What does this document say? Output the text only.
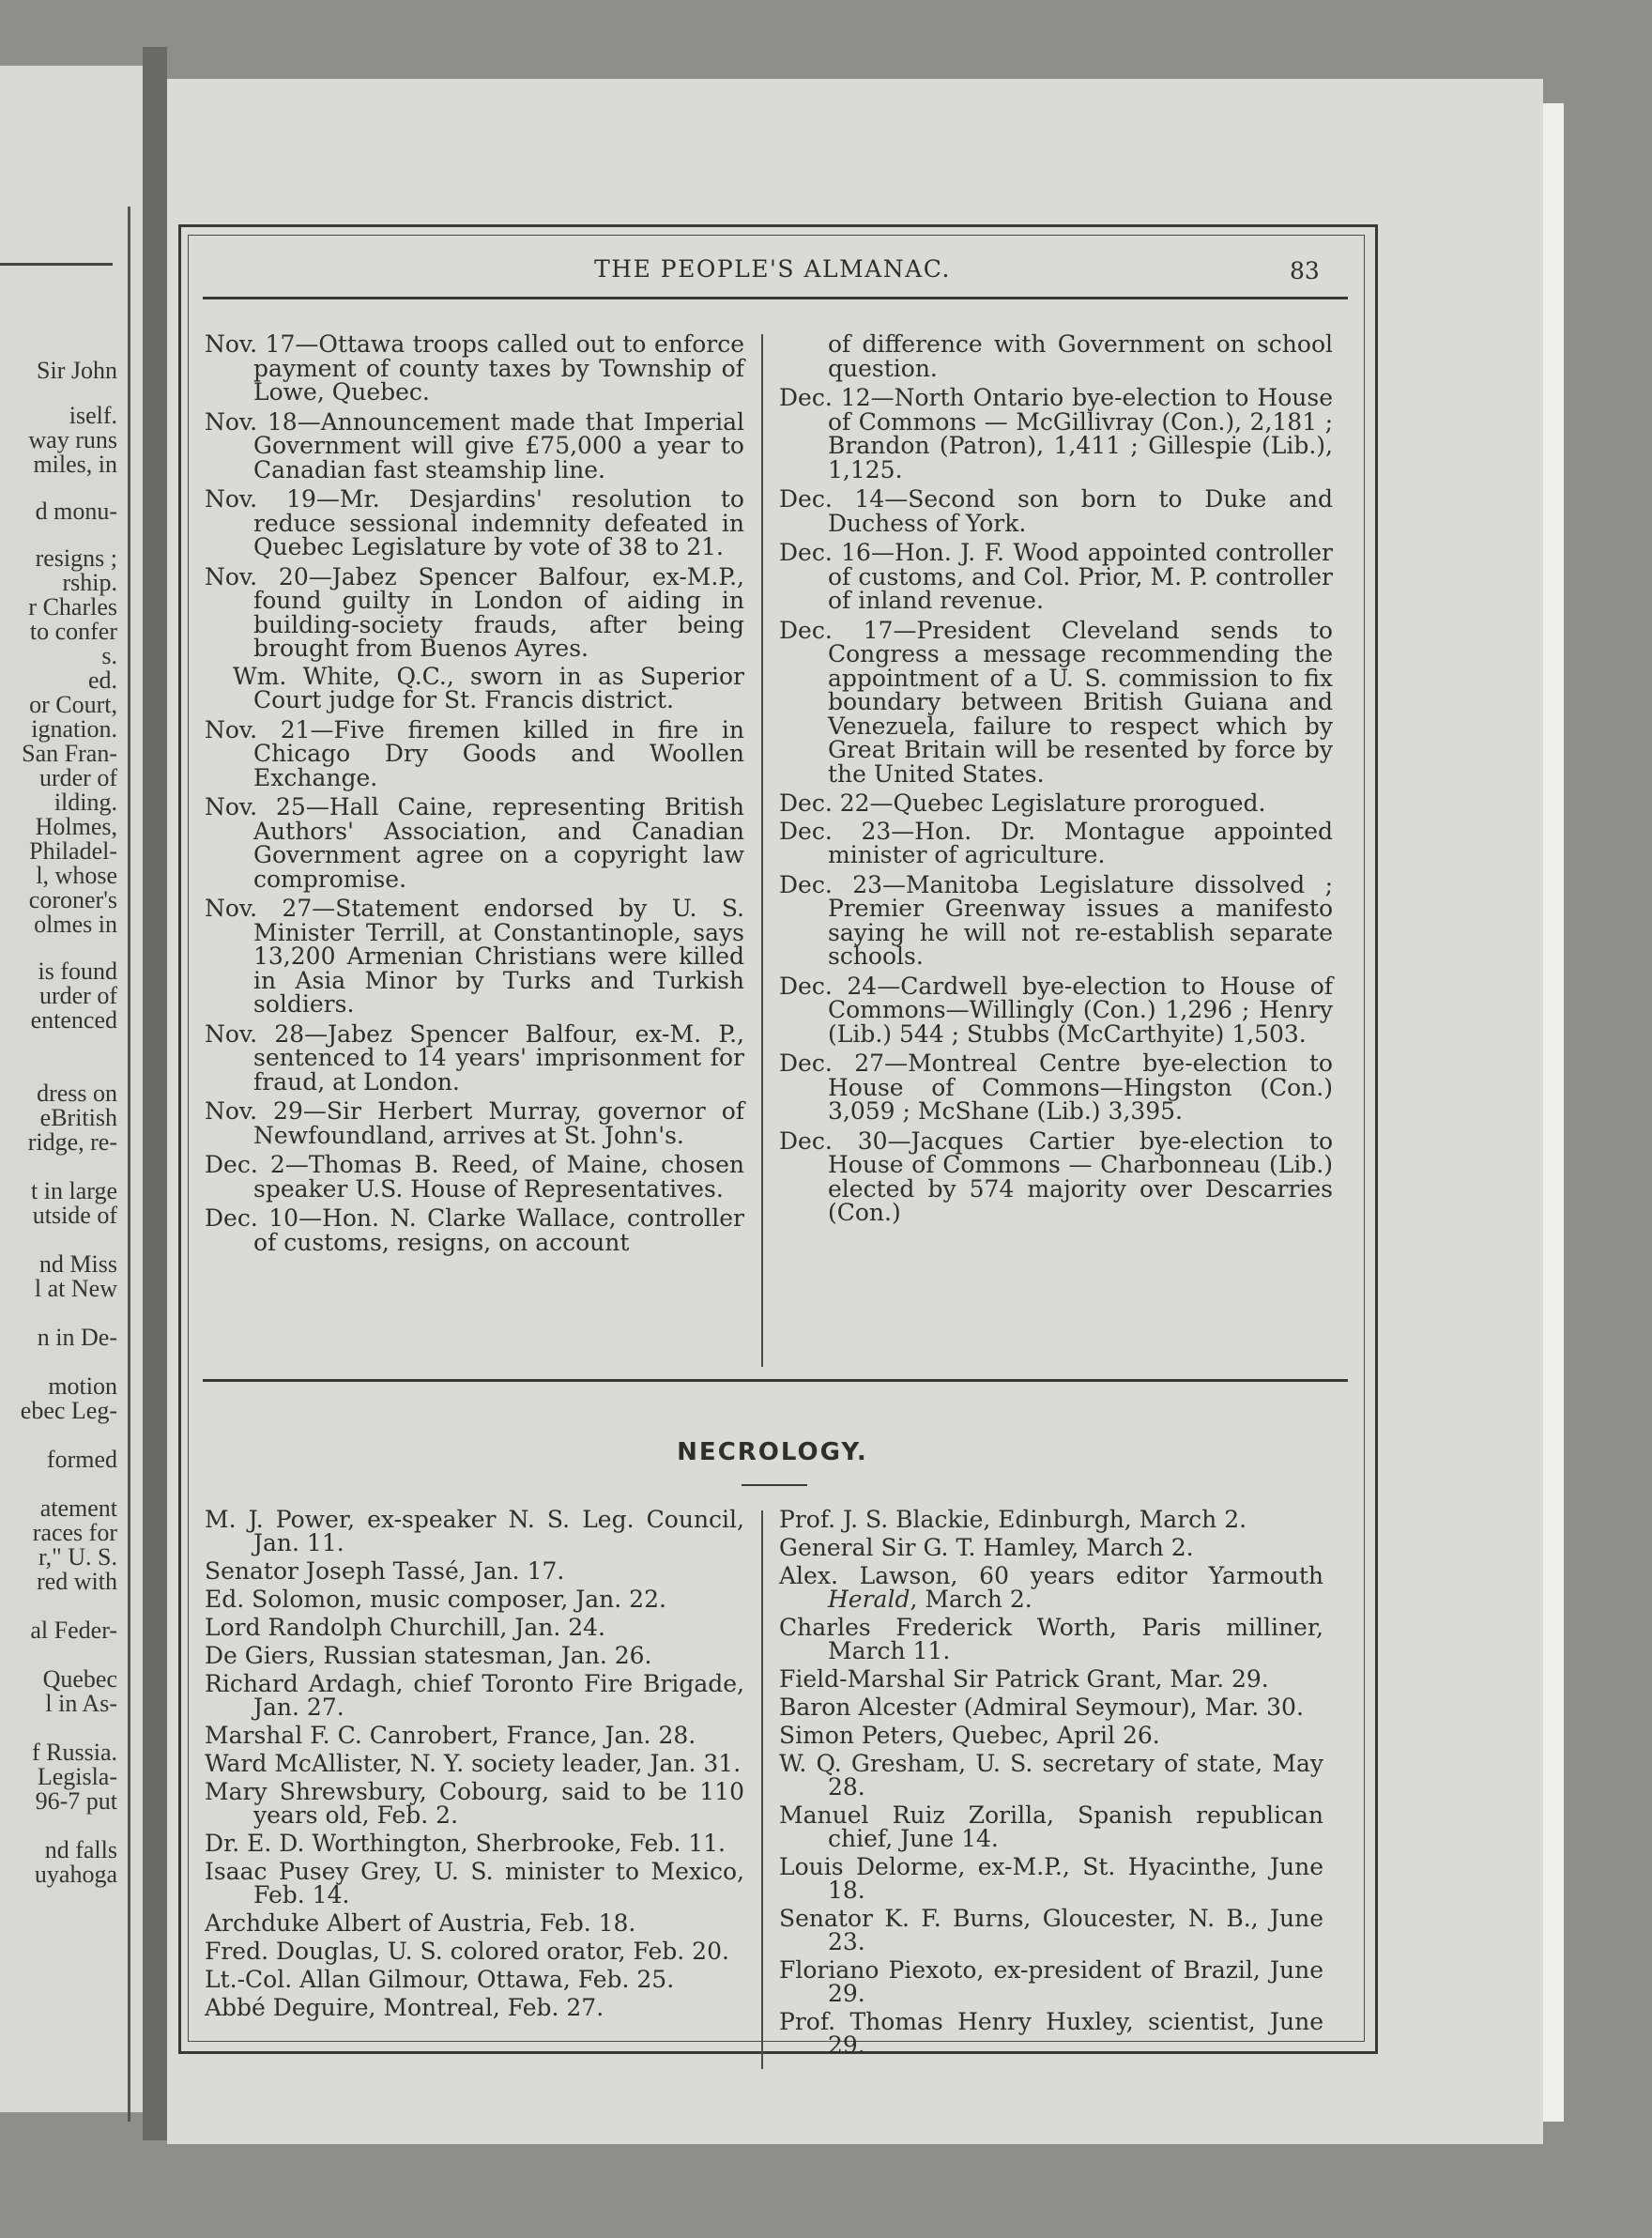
Sir John
iself.
way runs
miles, in
d monu-
resigns ;
rship.
r Charles
to confer
s.
ed.
or Court,
ignation.
San Fran-
urder of
ilding.
Holmes,
Philadel-
l, whose
coroner's
olmes in
is found
urder of
entenced
dress on
eBritish
ridge, re-
t in large
utside of
nd Miss
l at New
n in De-
motion
ebec Leg-
formed
atement
races for
r," U. S.
red with
al Feder-
Quebec
l in As-
f Russia.
Legisla-
96-7 put
nd falls
uyahoga
THE PEOPLE'S ALMANAC.	83

Nov. 17—Ottawa troops called out to enforce payment of county taxes by Township of Lowe, Quebec.

Nov. 18—Announcement made that Imperial Government will give £75,000 a year to Canadian fast steamship line.

Nov. 19—Mr. Desjardins' resolution to reduce sessional indemnity defeated in Quebec Legislature by vote of 38 to 21.

Nov. 20—Jabez Spencer Balfour, ex-M.P., found guilty in London of aiding in building-society frauds, after being brought from Buenos Ayres.

Wm. White, Q.C., sworn in as Superior Court judge for St. Francis district.

Nov. 21—Five firemen killed in fire in Chicago Dry Goods and Woollen Exchange.

Nov. 25—Hall Caine, representing British Authors' Association, and Canadian Government agree on a copyright law compromise.

Nov. 27—Statement endorsed by U. S. Minister Terrill, at Constantinople, says 13,200 Armenian Christians were killed in Asia Minor by Turks and Turkish soldiers.

Nov. 28—Jabez Spencer Balfour, ex-M. P., sentenced to 14 years' imprisonment for fraud, at London.

Nov. 29—Sir Herbert Murray, governor of Newfoundland, arrives at St. John's.

Dec. 2—Thomas B. Reed, of Maine, chosen speaker U.S. House of Representatives.

Dec. 10—Hon. N. Clarke Wallace, controller of customs, resigns, on account

of difference with Government on school question.

Dec. 12—North Ontario bye-election to House of Commons — McGillivray (Con.), 2,181 ; Brandon (Patron), 1,411 ; Gillespie (Lib.), 1,125.

Dec. 14—Second son born to Duke and Duchess of York.

Dec. 16—Hon. J. F. Wood appointed controller of customs, and Col. Prior, M. P. controller of inland revenue.

Dec. 17—President Cleveland sends to Congress a message recommending the appointment of a U. S. commission to fix boundary between British Guiana and Venezuela, failure to respect which by Great Britain will be resented by force by the United States.

Dec. 22—Quebec Legislature prorogued.

Dec. 23—Hon. Dr. Montague appointed minister of agriculture.

Dec. 23—Manitoba Legislature dissolved ; Premier Greenway issues a manifesto saying he will not re-establish separate schools.

Dec. 24—Cardwell bye-election to House of Commons—Willingly (Con.) 1,296 ; Henry (Lib.) 544 ; Stubbs (McCarthyite) 1,503.

Dec. 27—Montreal Centre bye-election to House of Commons—Hingston (Con.) 3,059 ; McShane (Lib.) 3,395.

Dec. 30—Jacques Cartier bye-election to House of Commons — Charbonneau (Lib.) elected by 574 majority over Descarries (Con.)

NECROLOGY.

M. J. Power, ex-speaker N. S. Leg. Council, Jan. 11.

Senator Joseph Tassé, Jan. 17.

Ed. Solomon, music composer, Jan. 22.

Lord Randolph Churchill, Jan. 24.

De Giers, Russian statesman, Jan. 26.

Richard Ardagh, chief Toronto Fire Brigade, Jan. 27.

Marshal F. C. Canrobert, France, Jan. 28.

Ward McAllister, N. Y. society leader, Jan. 31.

Mary Shrewsbury, Cobourg, said to be 110 years old, Feb. 2.

Dr. E. D. Worthington, Sherbrooke, Feb. 11.

Isaac Pusey Grey, U. S. minister to Mexico, Feb. 14.

Archduke Albert of Austria, Feb. 18.

Fred. Douglas, U. S. colored orator, Feb. 20.

Lt.-Col. Allan Gilmour, Ottawa, Feb. 25.

Abbé Deguire, Montreal, Feb. 27.

Prof. J. S. Blackie, Edinburgh, March 2.

General Sir G. T. Hamley, March 2.

Alex. Lawson, 60 years editor Yarmouth Herald, March 2.

Charles Frederick Worth, Paris milliner, March 11.

Field-Marshal Sir Patrick Grant, Mar. 29.

Baron Alcester (Admiral Seymour), Mar. 30.

Simon Peters, Quebec, April 26.

W. Q. Gresham, U. S. secretary of state, May 28.

Manuel Ruiz Zorilla, Spanish republican chief, June 14.

Louis Delorme, ex-M.P., St. Hyacinthe, June 18.

Senator K. F. Burns, Gloucester, N. B., June 23.

Floriano Piexoto, ex-president of Brazil, June 29.

Prof. Thomas Henry Huxley, scientist, June 29.
